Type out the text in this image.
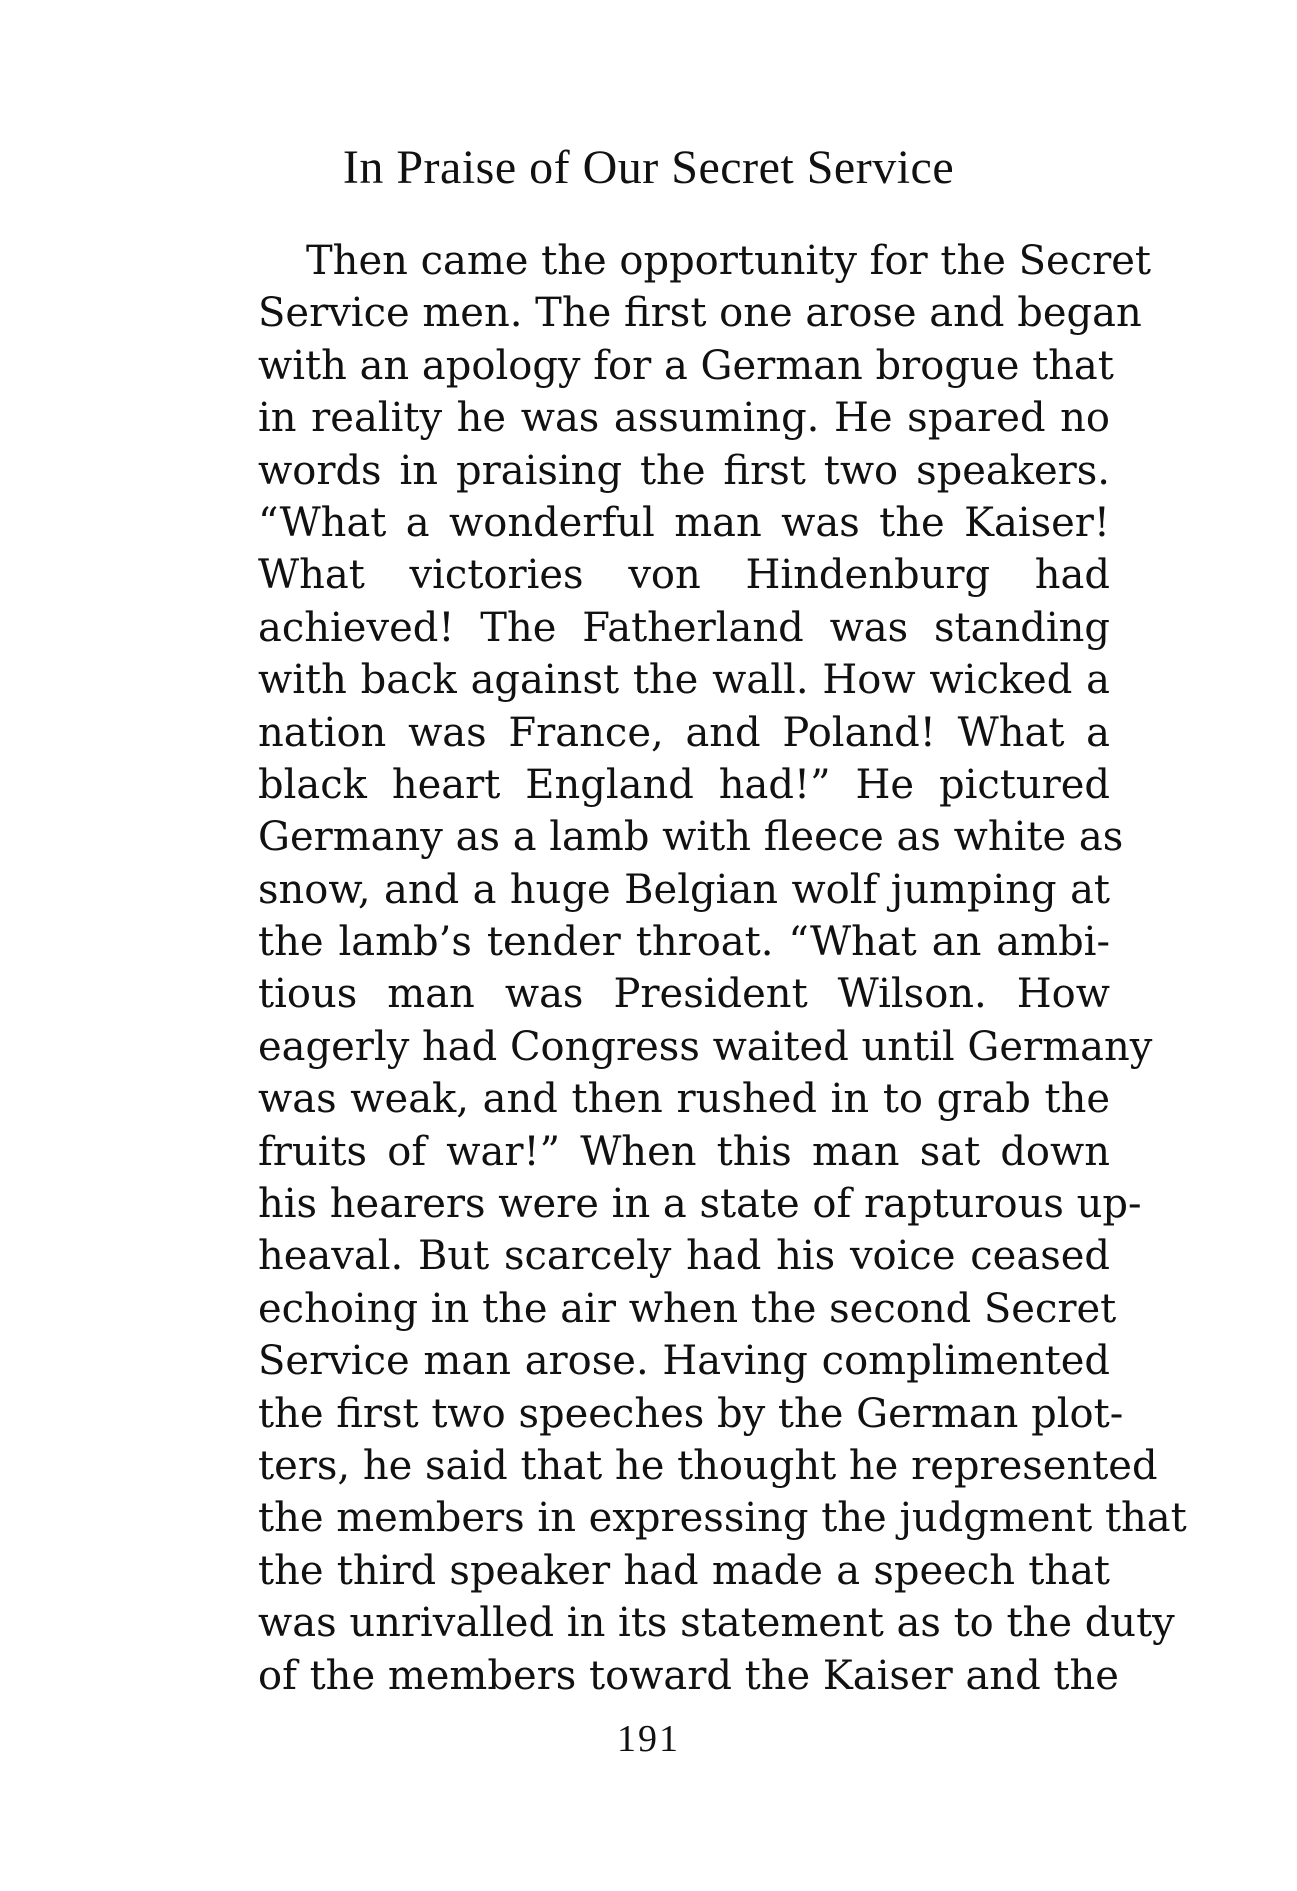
In Praise of Our Secret Service
Then came the opportunity for the Secret
Service men. The first one arose and began
with an apology for a German brogue that
in reality he was assuming. He spared no
words in praising the first two speakers.
“What a wonderful man was the Kaiser!
What victories von Hindenburg had
achieved! The Fatherland was standing
with back against the wall. How wicked a
nation was France, and Poland! What a
black heart England had!” He pictured
Germany as a lamb with fleece as white as
snow, and a huge Belgian wolf jumping at
the lamb’s tender throat. “What an ambi-
tious man was President Wilson. How
eagerly had Congress waited until Germany
was weak, and then rushed in to grab the
fruits of war!” When this man sat down
his hearers were in a state of rapturous up-
heaval. But scarcely had his voice ceased
echoing in the air when the second Secret
Service man arose. Having complimented
the first two speeches by the German plot-
ters, he said that he thought he represented
the members in expressing the judgment that
the third speaker had made a speech that
was unrivalled in its statement as to the duty
of the members toward the Kaiser and the
191
